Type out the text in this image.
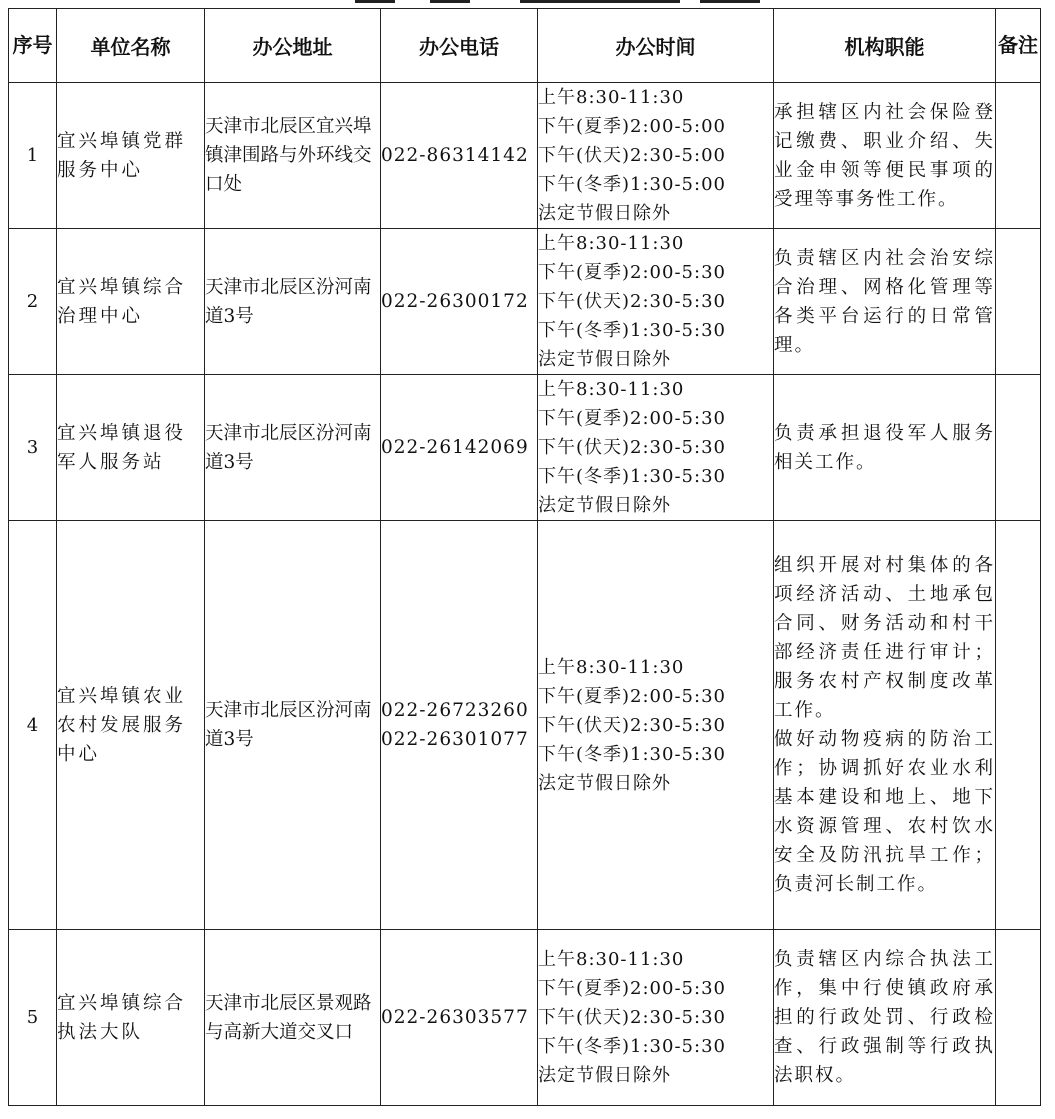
序号	单位名称	办公地址	办公电话	办公时间	机构职能	备注
1	宜兴埠镇党群服务中心	天津市北辰区宜兴埠镇津围路与外环线交口处	022-86314142	上午8:30-11:30
下午(夏季)2:00-5:00
下午(伏天)2:30-5:00
下午(冬季)1:30-5:00
法定节假日除外	承担辖区内社会保险登记缴费、职业介绍、失业金申领等便民事项的受理等事务性工作。	
2	宜兴埠镇综合治理中心	天津市北辰区汾河南道3号	022-26300172	上午8:30-11:30
下午(夏季)2:00-5:30
下午(伏天)2:30-5:30
下午(冬季)1:30-5:30
法定节假日除外	负责辖区内社会治安综合治理、网格化管理等各类平台运行的日常管理。	
3	宜兴埠镇退役军人服务站	天津市北辰区汾河南道3号	022-26142069	上午8:30-11:30
下午(夏季)2:00-5:30
下午(伏天)2:30-5:30
下午(冬季)1:30-5:30
法定节假日除外	负责承担退役军人服务相关工作。	
4	宜兴埠镇农业农村发展服务中心	天津市北辰区汾河南道3号	022-26723260
022-26301077	上午8:30-11:30
下午(夏季)2:00-5:30
下午(伏天)2:30-5:30
下午(冬季)1:30-5:30
法定节假日除外	组织开展对村集体的各项经济活动、土地承包合同、财务活动和村干部经济责任进行审计；服务农村产权制度改革工作。
做好动物疫病的防治工作；协调抓好农业水利基本建设和地上、地下水资源管理、农村饮水安全及防汛抗旱工作；负责河长制工作。	

5	宜兴埠镇综合执法大队	天津市北辰区景观路与高新大道交叉口	022-26303577	上午8:30-11:30
下午(夏季)2:00-5:30
下午(伏天)2:30-5:30
下午(冬季)1:30-5:30
法定节假日除外	负责辖区内综合执法工作，集中行使镇政府承担的行政处罚、行政检查、行政强制等行政执法职权。	
